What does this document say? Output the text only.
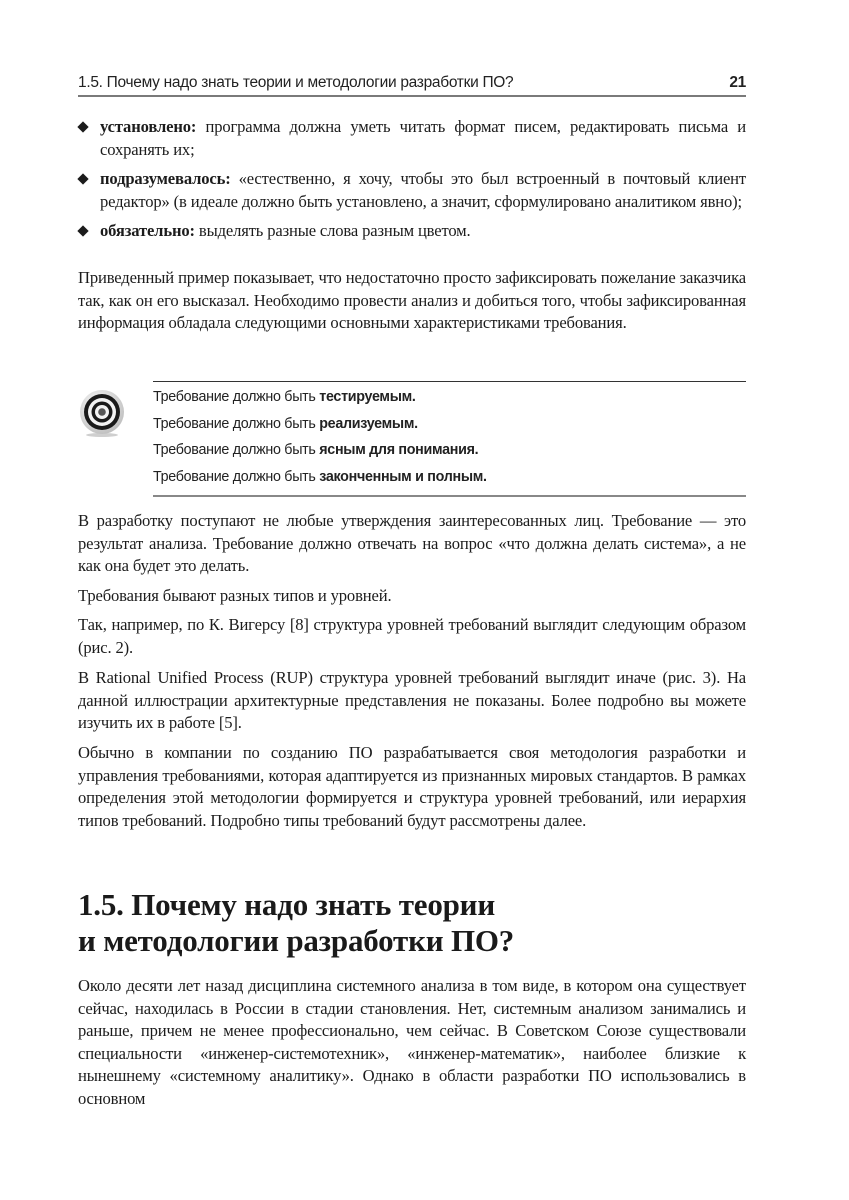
1.5. Почему надо знать теории и методологии разработки ПО?	21
установлено: программа должна уметь читать формат писем, редактировать письма и сохранять их;
подразумевалось: «естественно, я хочу, чтобы это был встроенный в почтовый клиент редактор» (в идеале должно быть установлено, а значит, сформулировано аналитиком явно);
обязательно: выделять разные слова разным цветом.

Приведенный пример показывает, что недостаточно просто зафиксировать пожелание заказчика так, как он его высказал. Необходимо провести анализ и добиться того, чтобы зафиксированная информация обладала следующими основными характеристиками требования.

Требование должно быть тестируемым.
Требование должно быть реализуемым.
Требование должно быть ясным для понимания.
Требование должно быть законченным и полным.

В разработку поступают не любые утверждения заинтересованных лиц. Требование — это результат анализа. Требование должно отвечать на вопрос «что должна делать система», а не как она будет это делать.

Требования бывают разных типов и уровней.

Так, например, по К. Вигерсу [8] структура уровней требований выглядит следующим образом (рис. 2).

В Rational Unified Process (RUP) структура уровней требований выглядит иначе (рис. 3). На данной иллюстрации архитектурные представления не показаны. Более подробно вы можете изучить их в работе [5].

Обычно в компании по созданию ПО разрабатывается своя методология разработки и управления требованиями, которая адаптируется из признанных мировых стандартов. В рамках определения этой методологии формируется и структура уровней требований, или иерархия типов требований. Подробно типы требований будут рассмотрены далее.

1.5. Почему надо знать теории
и методологии разработки ПО?

Около десяти лет назад дисциплина системного анализа в том виде, в котором она существует сейчас, находилась в России в стадии становления. Нет, системным анализом занимались и раньше, причем не менее профессионально, чем сейчас. В Советском Союзе существовали специальности «инженер-системотехник», «инженер-математик», наиболее близкие к нынешнему «системному аналитику». Однако в области разработки ПО использовались в основном
